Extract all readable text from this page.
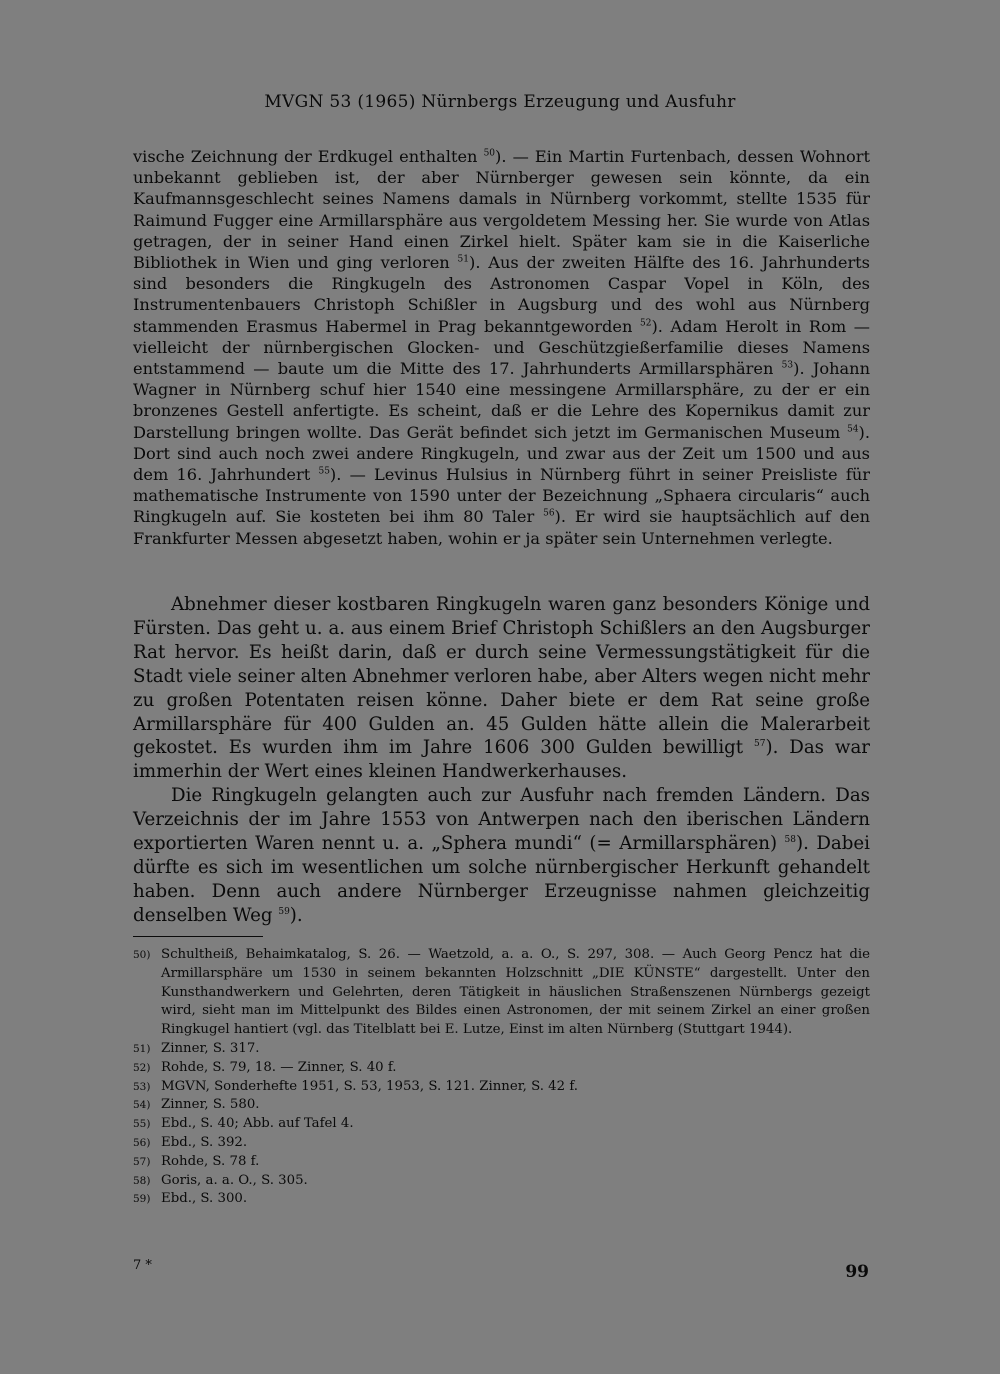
MVGN 53 (1965) Nürnbergs Erzeugung und Ausfuhr

vische Zeichnung der Erdkugel enthalten $^{50}$). — Ein Martin Furtenbach, dessen Wohnort unbekannt geblieben ist, der aber Nürnberger gewesen sein könnte, da ein Kaufmannsgeschlecht seines Namens damals in Nürnberg vorkommt, stellte 1535 für Raimund Fugger eine Armillarsphäre aus vergoldetem Messing her. Sie wurde von Atlas getragen, der in seiner Hand einen Zirkel hielt. Später kam sie in die Kaiserliche Bibliothek in Wien und ging verloren $^{51}$). Aus der zweiten Hälfte des 16. Jahrhunderts sind besonders die Ringkugeln des Astronomen Caspar Vopel in Köln, des Instrumentenbauers Christoph Schißler in Augsburg und des wohl aus Nürnberg stammenden Erasmus Habermel in Prag bekanntgeworden $^{52}$). Adam Herolt in Rom — vielleicht der nürnbergischen Glocken- und Geschützgießerfamilie dieses Namens entstammend — baute um die Mitte des 17. Jahrhunderts Armillarsphären $^{53}$). Johann Wagner in Nürnberg schuf hier 1540 eine messingene Armillarsphäre, zu der er ein bronzenes Gestell anfertigte. Es scheint, daß er die Lehre des Kopernikus damit zur Darstellung bringen wollte. Das Gerät befindet sich jetzt im Germanischen Museum $^{54}$). Dort sind auch noch zwei andere Ringkugeln, und zwar aus der Zeit um 1500 und aus dem 16. Jahrhundert $^{55}$). — Levinus Hulsius in Nürnberg führt in seiner Preisliste für mathematische Instrumente von 1590 unter der Bezeichnung „Sphaera circularis“ auch Ringkugeln auf. Sie kosteten bei ihm 80 Taler $^{56}$). Er wird sie hauptsächlich auf den Frankfurter Messen abgesetzt haben, wohin er ja später sein Unternehmen verlegte.

Abnehmer dieser kostbaren Ringkugeln waren ganz besonders Könige und Fürsten. Das geht u. a. aus einem Brief Christoph Schißlers an den Augsburger Rat hervor. Es heißt darin, daß er durch seine Vermessungstätigkeit für die Stadt viele seiner alten Abnehmer verloren habe, aber Alters wegen nicht mehr zu großen Potentaten reisen könne. Daher biete er dem Rat seine große Armillarsphäre für 400 Gulden an. 45 Gulden hätte allein die Malerarbeit gekostet. Es wurden ihm im Jahre 1606 300 Gulden bewilligt $^{57}$). Das war immerhin der Wert eines kleinen Handwerkerhauses.

Die Ringkugeln gelangten auch zur Ausfuhr nach fremden Ländern. Das Verzeichnis der im Jahre 1553 von Antwerpen nach den iberischen Ländern exportierten Waren nennt u. a. „Sphera mundi“ (= Armillarsphären) $^{58}$). Dabei dürfte es sich im wesentlichen um solche nürnbergischer Herkunft gehandelt haben. Denn auch andere Nürnberger Erzeugnisse nahmen gleichzeitig denselben Weg $^{59}$).

50) Schultheiß, Behaimkatalog, S. 26. — Waetzold, a. a. O., S. 297, 308. — Auch Georg Pencz hat die Armillarsphäre um 1530 in seinem bekannten Holzschnitt „DIE KÜNSTE“ dargestellt. Unter den Kunsthandwerkern und Gelehrten, deren Tätigkeit in häuslichen Straßenszenen Nürnbergs gezeigt wird, sieht man im Mittelpunkt des Bildes einen Astronomen, der mit seinem Zirkel an einer großen Ringkugel hantiert (vgl. das Titelblatt bei E. Lutze, Einst im alten Nürnberg (Stuttgart 1944).
51) Zinner, S. 317.
52) Rohde, S. 79, 18. — Zinner, S. 40 f.
53) MGVN, Sonderhefte 1951, S. 53, 1953, S. 121. Zinner, S. 42 f.
54) Zinner, S. 580.
55) Ebd., S. 40; Abb. auf Tafel 4.
56) Ebd., S. 392.
57) Rohde, S. 78 f.
58) Goris, a. a. O., S. 305.
59) Ebd., S. 300.
7 *	99
